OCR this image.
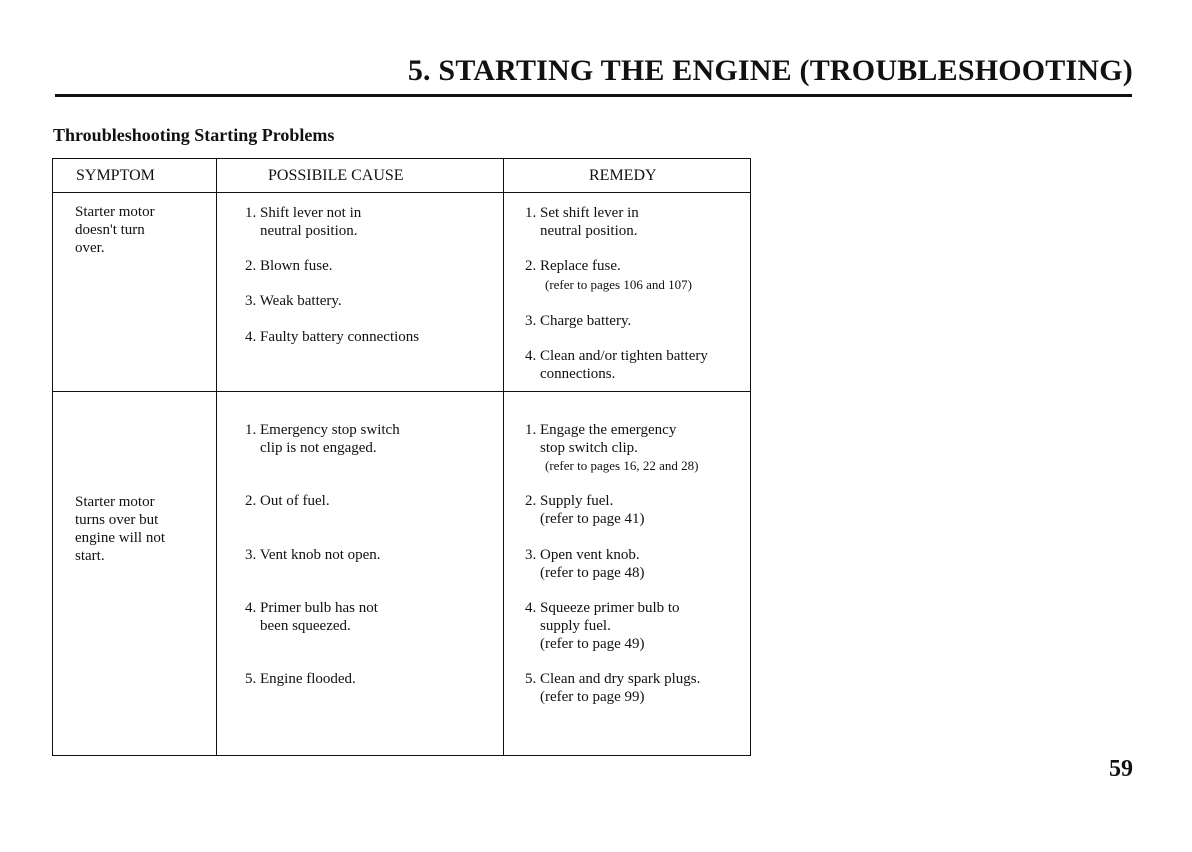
5. STARTING THE ENGINE (TROUBLESHOOTING)
Throubleshooting Starting Problems
SYMPTOM	POSSIBILE CAUSE	REMEDY
Starter motor
doesn't turn
over.
1. Shift lever not in
neutral position.
2. Blown fuse.
3. Weak battery.
4. Faulty battery connections
1. Set shift lever in
neutral position.
2. Replace fuse.
(refer to pages 106 and 107)
3. Charge battery.
4. Clean and/or tighten battery
connections.
Starter motor
turns over but
engine will not
start.
1. Emergency stop switch
clip is not engaged.
2. Out of fuel.
3. Vent knob not open.
4. Primer bulb has not
been squeezed.
5. Engine flooded.
1. Engage the emergency
stop switch clip.
(refer to pages 16, 22 and 28)
2. Supply fuel.
(refer to page 41)
3. Open vent knob.
(refer to page 48)
4. Squeeze primer bulb to
supply fuel.
(refer to page 49)
5. Clean and dry spark plugs.
(refer to page 99)
59
